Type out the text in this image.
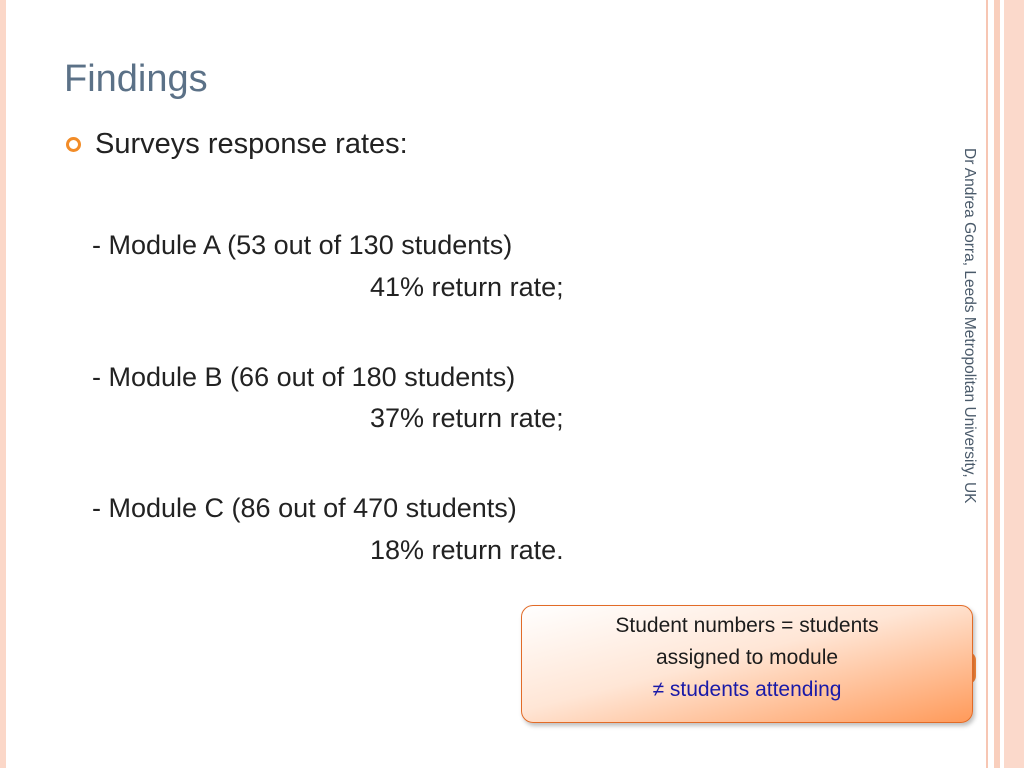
Findings
Surveys response rates:
- Module A (53 out of 130 students)
41% return rate;
- Module B (66 out of 180 students)
37% return rate;
- Module C (86 out of 470 students)
18% return rate.
Student numbers = students
assigned to module
≠ students attending
Dr Andrea Gorra, Leeds Metropolitan University, UK
